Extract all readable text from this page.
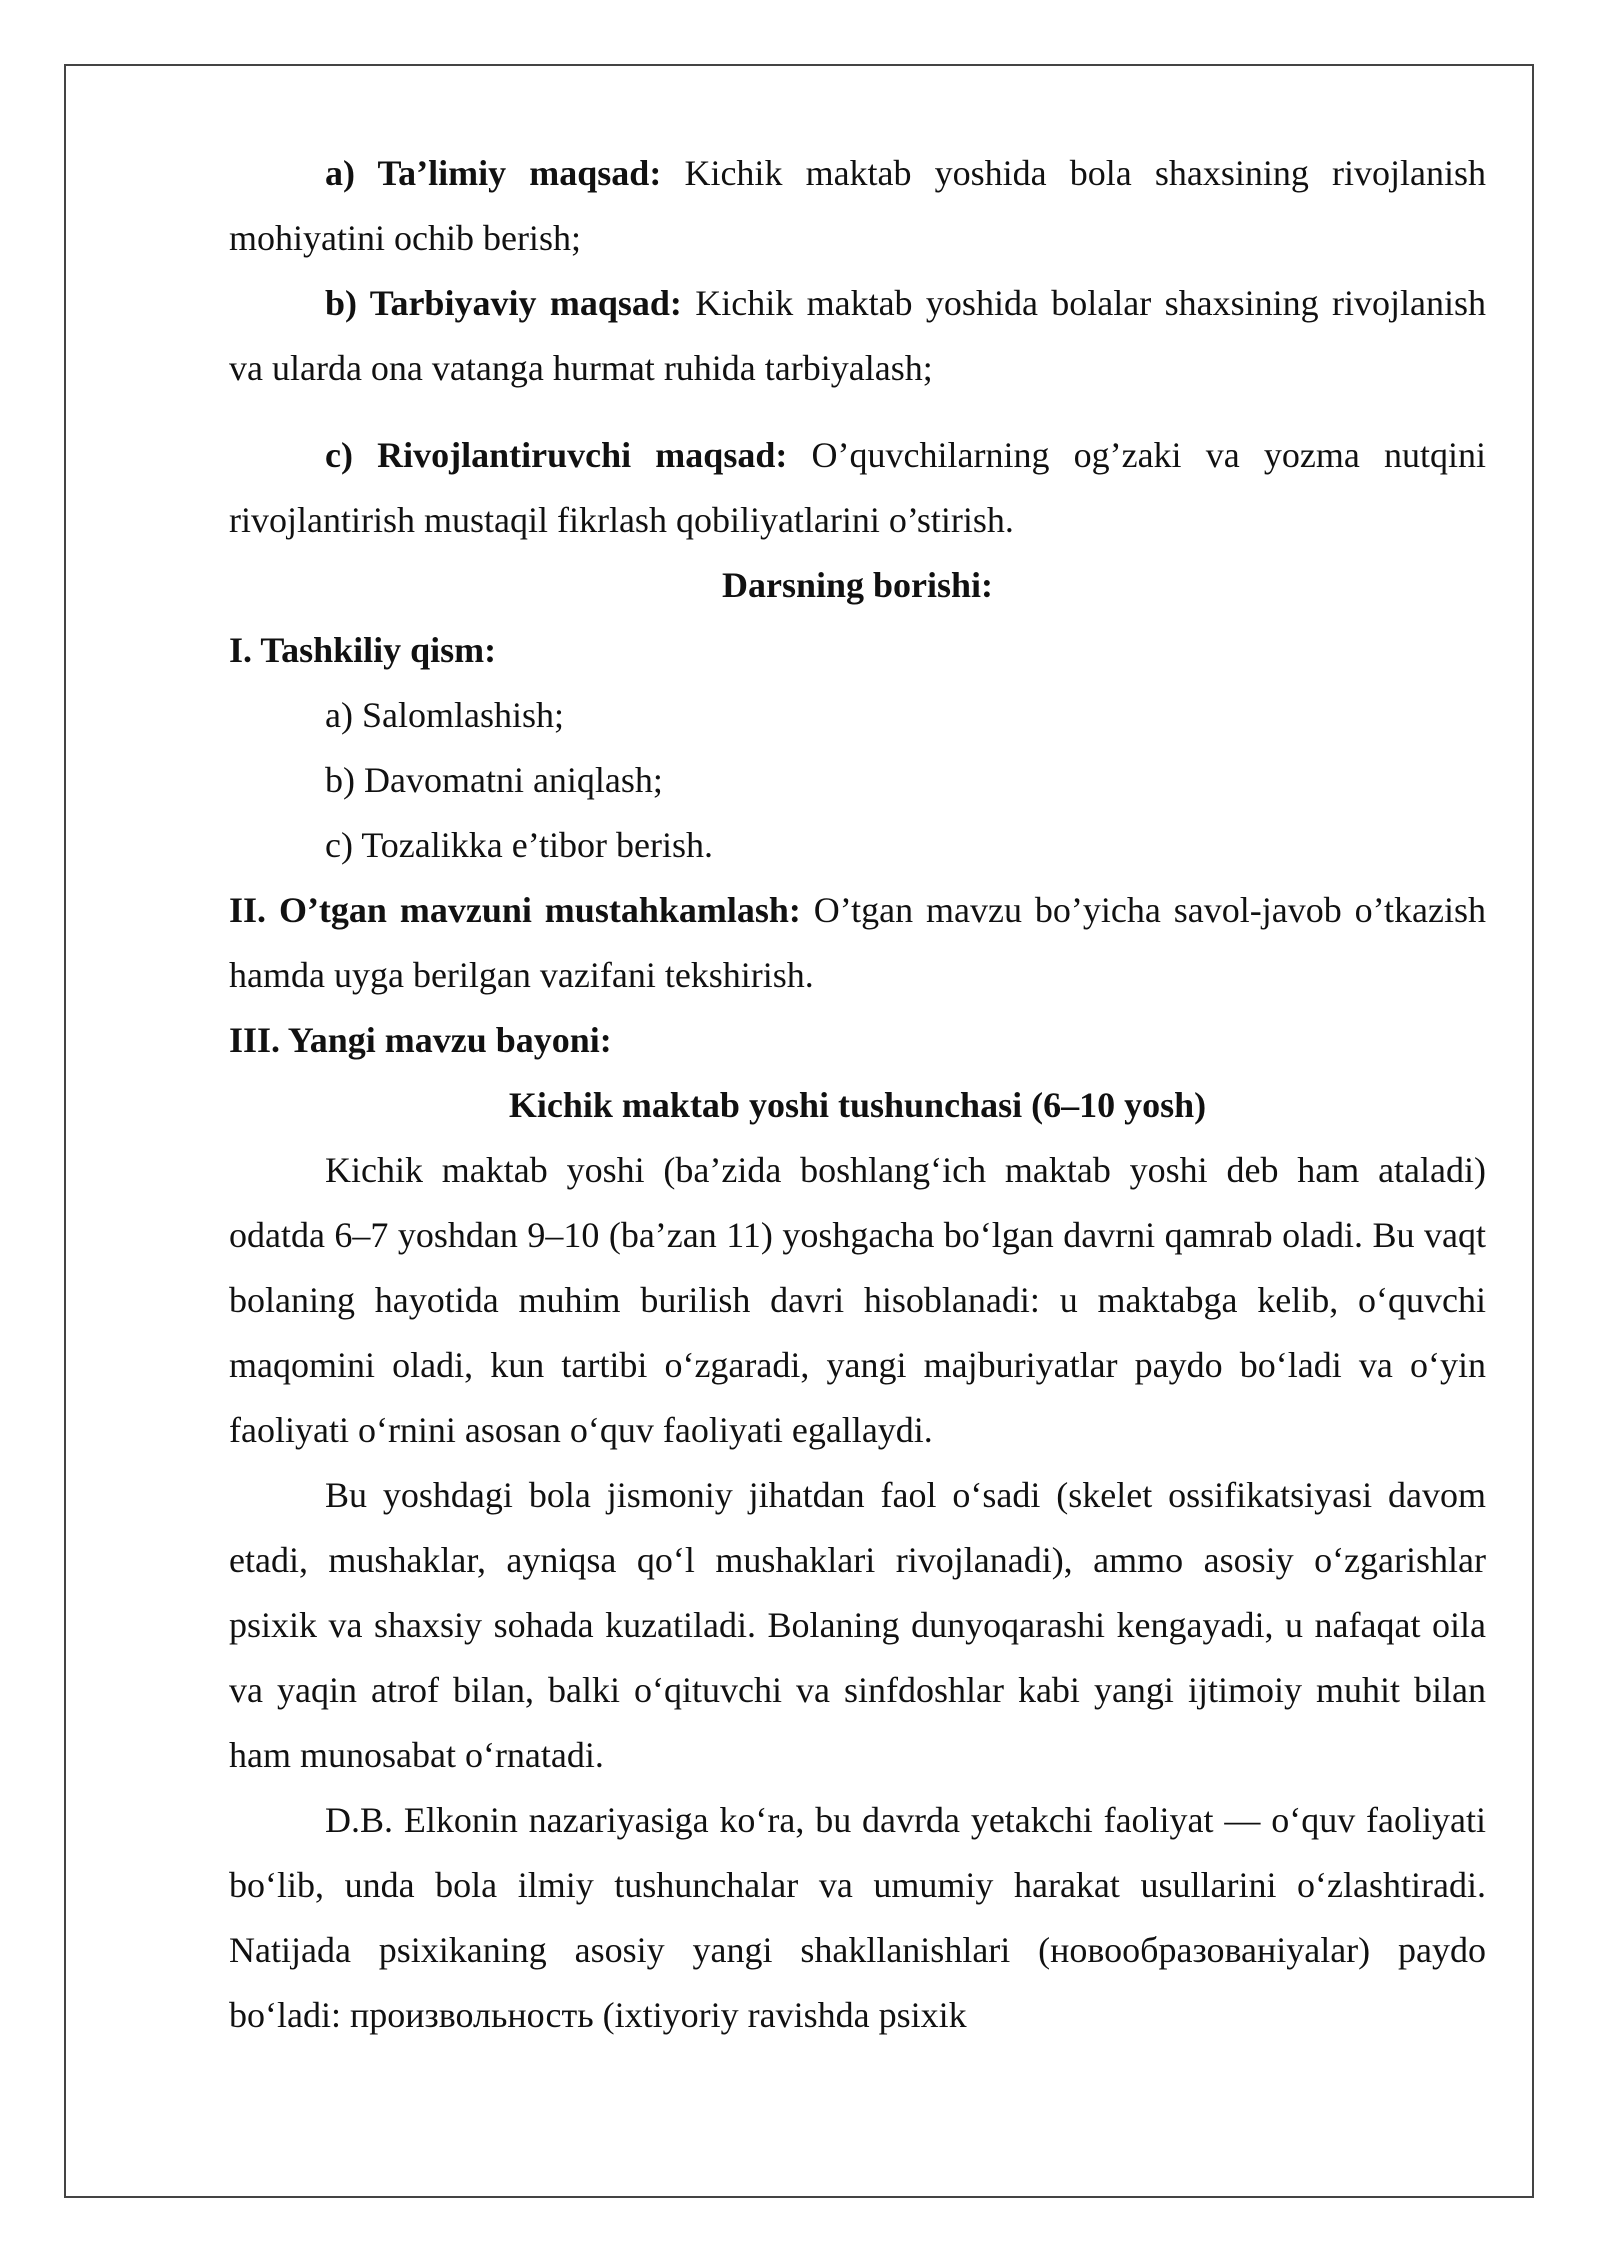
a) Ta’limiy maqsad: Kichik maktab yoshida bola shaxsining rivojlanish mohiyatini ochib berish;

b) Tarbiyaviy maqsad: Kichik maktab yoshida bolalar shaxsining rivojlanish va ularda ona vatanga hurmat ruhida tarbiyalash;

c) Rivojlantiruvchi maqsad: O’quvchilarning og’zaki va yozma nutqini rivojlantirish mustaqil fikrlash qobiliyatlarini o’stirish.

Darsning borishi:

I. Tashkiliy qism:

a) Salomlashish;

b) Davomatni aniqlash;

c) Tozalikka e’tibor berish.

II. O’tgan mavzuni mustahkamlash: O’tgan mavzu bo’yicha savol-javob o’tkazish hamda uyga berilgan vazifani tekshirish.

III. Yangi mavzu bayoni:

Kichik maktab yoshi tushunchasi (6–10 yosh)

Kichik maktab yoshi (ba’zida boshlang‘ich maktab yoshi deb ham ataladi) odatda 6–7 yoshdan 9–10 (ba’zan 11) yoshgacha bo‘lgan davrni qamrab oladi. Bu vaqt bolaning hayotida muhim burilish davri hisoblanadi: u maktabga kelib, o‘quvchi maqomini oladi, kun tartibi o‘zgaradi, yangi majburiyatlar paydo bo‘ladi va o‘yin faoliyati o‘rnini asosan o‘quv faoliyati egallaydi.

Bu yoshdagi bola jismoniy jihatdan faol o‘sadi (skelet ossifikatsiyasi davom etadi, mushaklar, ayniqsa qo‘l mushaklari rivojlanadi), ammo asosiy o‘zgarishlar psixik va shaxsiy sohada kuzatiladi. Bolaning dunyoqarashi kengayadi, u nafaqat oila va yaqin atrof bilan, balki o‘qituvchi va sinfdoshlar kabi yangi ijtimoiy muhit bilan ham munosabat o‘rnatadi.

D.B. Elkonin nazariyasiga ko‘ra, bu davrda yetakchi faoliyat — o‘quv faoliyati bo‘lib, unda bola ilmiy tushunchalar va umumiy harakat usullarini o‘zlashtiradi. Natijada psixikaning asosiy yangi shakllanishlari (новообразованiyalar) paydo bo‘ladi: произвольность (ixtiyoriy ravishda psixik
